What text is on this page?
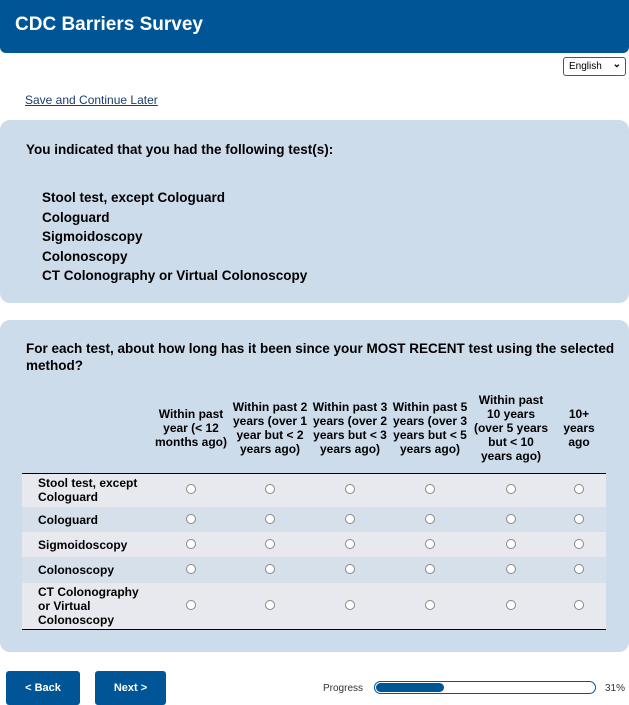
CDC Barriers Survey
English ⌄
Save and Continue Later
You indicated that you had the following test(s):
Stool test, except Cologuard
Cologuard
Sigmoidoscopy
Colonoscopy
CT Colonography or Virtual Colonoscopy
For each test, about how long has it been since your MOST RECENT test using the selected method?
	Within past year (< 12 months ago)	Within past 2 years (over 1 year but < 2 years ago)	Within past 3 years (over 2 years but < 3 years ago)	Within past 5 years (over 3 years but < 5 years ago)	Within past 10 years (over 5 years but < 10 years ago)	10+ years ago
Stool test, except Cologuard						
Cologuard						
Sigmoidoscopy						
Colonoscopy						
CT Colonography or Virtual Colonoscopy						
< Back	Next >	Progress	31%
